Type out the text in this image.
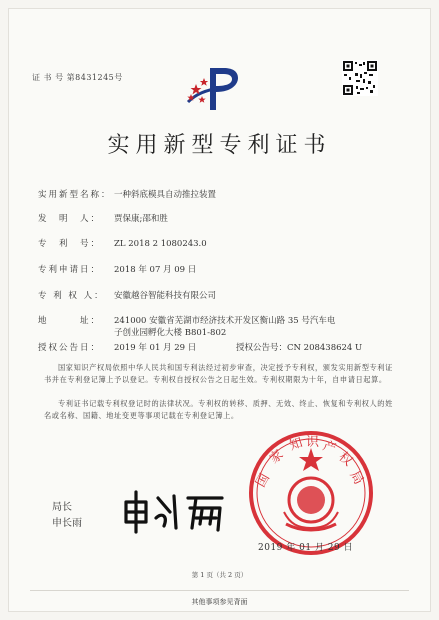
证 书 号 第8431245号
实用新型专利证书
实用新型名称： 一种斜底模具自动推拉装置
发　明　人： 贾保康;邵和胜
专　利　号： ZL 2018 2 1080243.0
专利申请日： 2018 年 07 月 09 日
专 利 权 人： 安徽越谷智能科技有限公司
地　　　址： 241000 安徽省芜湖市经济技术开发区衡山路 35 号汽车电
子创业园孵化大楼 B801-802
授权公告日： 2019 年 01 月 29 日	授权公告号：CN 208438624 U
国家知识产权局依照中华人民共和国专利法经过初步审查，决定授予专利权，颁发实用新型专利证书并在专利登记簿上予以登记。专利权自授权公告之日起生效。专利权期限为十年，自申请日起算。
专利证书记载专利权登记时的法律状况。专利权的转移、质押、无效、终止、恢复和专利权人的姓名或名称、国籍、地址变更等事项记载在专利登记簿上。
局长
申长雨
国
家
知 识 产
权
局
2019 年 01 月 29 日
第 1 页（共 2 页）
其他事项参见背面
